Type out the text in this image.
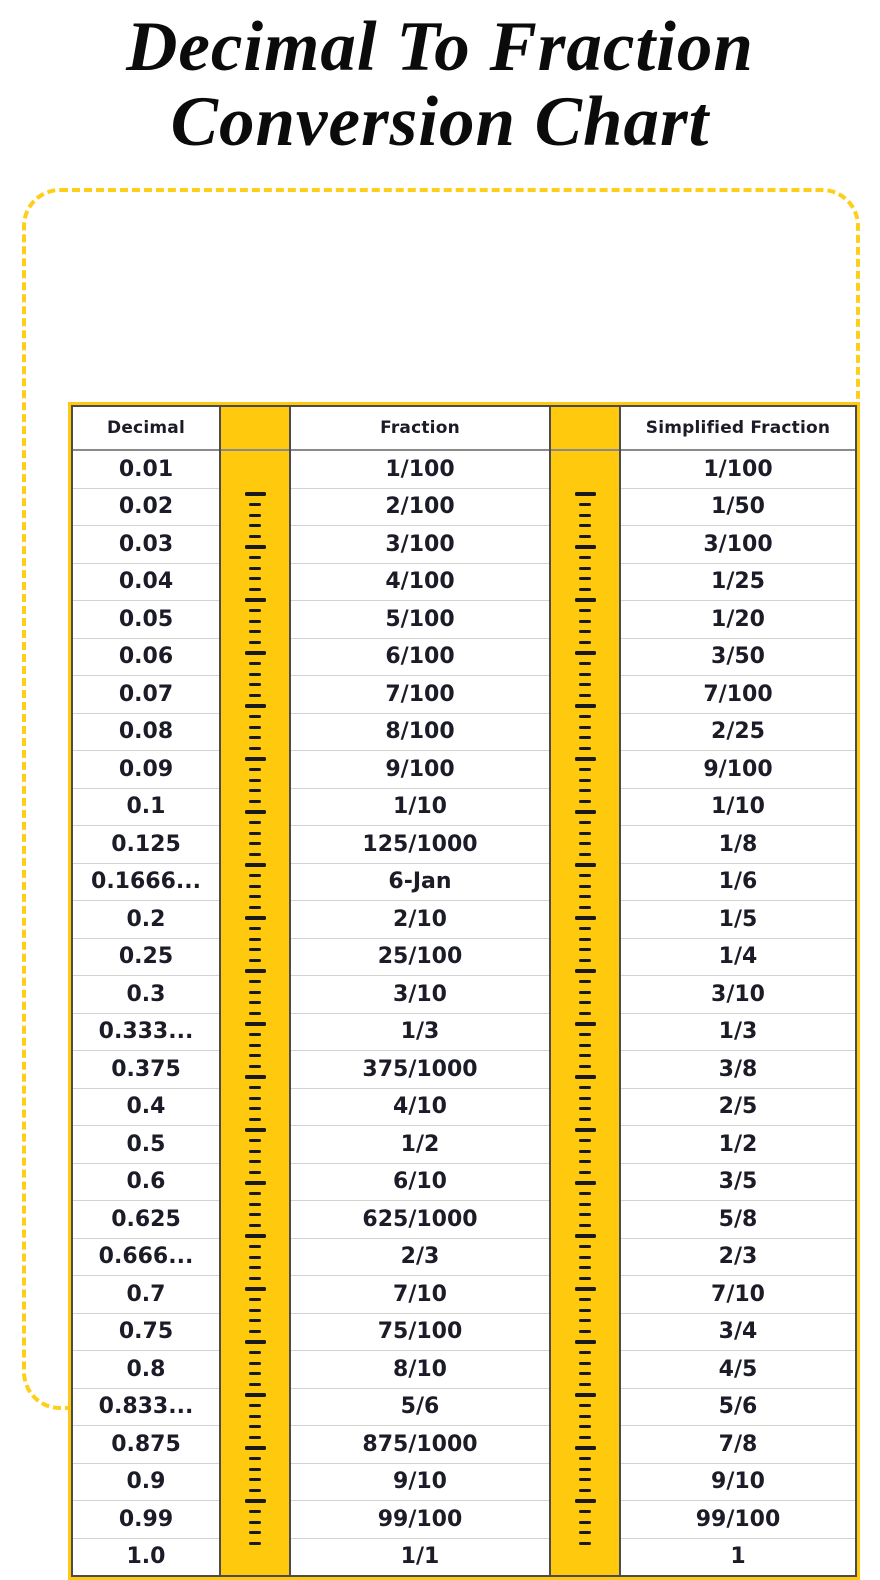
Decimal To Fraction
Conversion Chart
Decimal
0.01
0.02
0.03
0.04
0.05
0.06
0.07
0.08
0.09
0.1
0.125
0.1666...
0.2
0.25
0.3
0.333...
0.375
0.4
0.5
0.6
0.625
0.666...
0.7
0.75
0.8
0.833...
0.875
0.9
0.99
1.0
Fraction
1/100
2/100
3/100
4/100
5/100
6/100
7/100
8/100
9/100
1/10
125/1000
6-Jan
2/10
25/100
3/10
1/3
375/1000
4/10
1/2
6/10
625/1000
2/3
7/10
75/100
8/10
5/6
875/1000
9/10
99/100
1/1
Simplified Fraction
1/100
1/50
3/100
1/25
1/20
3/50
7/100
2/25
9/100
1/10
1/8
1/6
1/5
1/4
3/10
1/3
3/8
2/5
1/2
3/5
5/8
2/3
7/10
3/4
4/5
5/6
7/8
9/10
99/100
1
